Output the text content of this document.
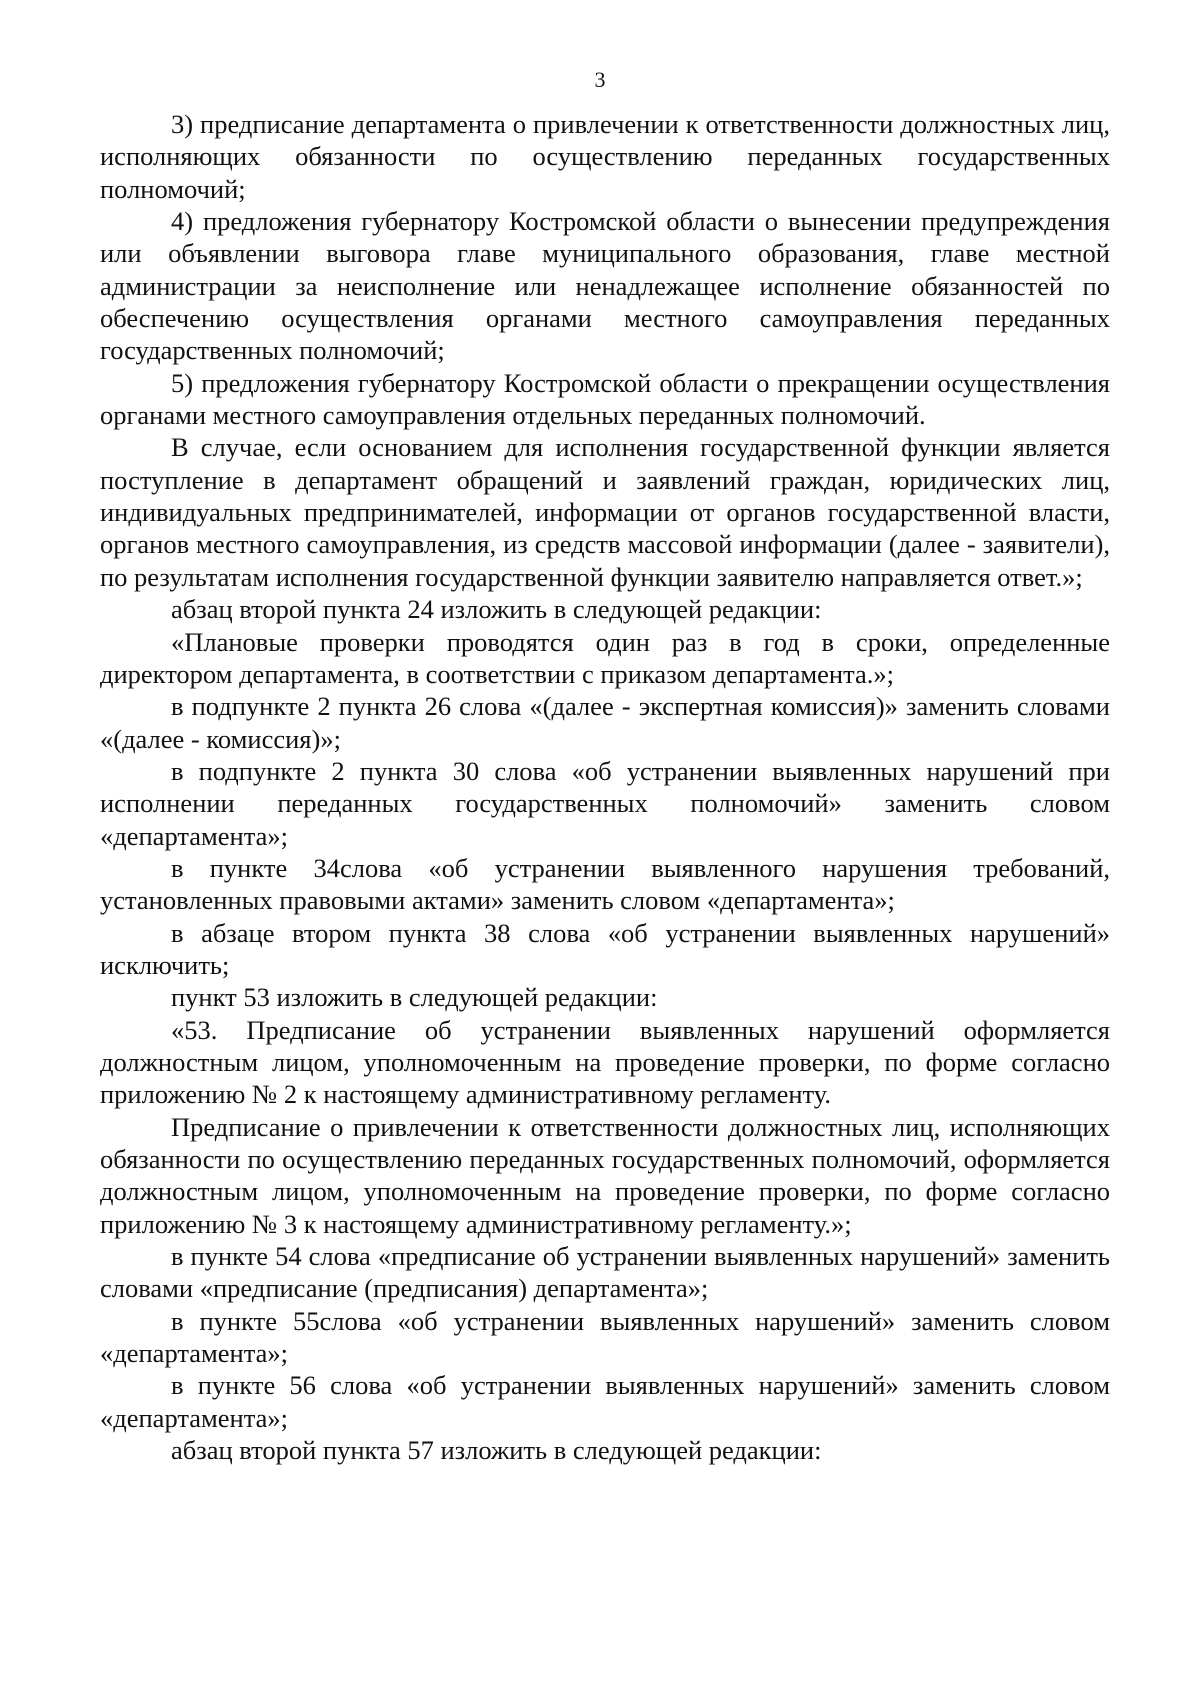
3

3) предписание департамента о привлечении к ответственности должностных лиц, исполняющих обязанности по осуществлению переданных государственных полномочий;

4) предложения губернатору Костромской области о вынесении предупреждения или объявлении выговора главе муниципального образования, главе местной администрации за неисполнение или ненадлежащее исполнение обязанностей по обеспечению осуществления органами местного самоуправления переданных государственных полномочий;

5) предложения губернатору Костромской области о прекращении осуществления органами местного самоуправления отдельных переданных полномочий.

В случае, если основанием для исполнения государственной функции является поступление в департамент обращений и заявлений граждан, юридических лиц, индивидуальных предпринимателей, информации от органов государственной власти, органов местного самоуправления, из средств массовой информации (далее - заявители), по результатам исполнения государственной функции заявителю направляется ответ.»;

абзац второй пункта 24 изложить в следующей редакции:

«Плановые проверки проводятся один раз в год в сроки, определенные директором департамента, в соответствии с приказом департамента.»;

в подпункте 2 пункта 26 слова «(далее - экспертная комиссия)» заменить словами «(далее - комиссия)»;

в подпункте 2 пункта 30 слова «об устранении выявленных нарушений при исполнении переданных государственных полномочий» заменить словом «департамента»;

в пункте 34слова «об устранении выявленного нарушения требований, установленных правовыми актами» заменить словом «департамента»;

в абзаце втором пункта 38 слова «об устранении выявленных нарушений» исключить;

пункт 53 изложить в следующей редакции:

«53. Предписание об устранении выявленных нарушений оформляется должностным лицом, уполномоченным на проведение проверки, по форме согласно приложению № 2 к настоящему административному регламенту.

Предписание о привлечении к ответственности должностных лиц, исполняющих обязанности по осуществлению переданных государственных полномочий, оформляется должностным лицом, уполномоченным на проведение проверки, по форме согласно приложению № 3 к настоящему административному регламенту.»;

в пункте 54 слова «предписание об устранении выявленных нарушений» заменить словами «предписание (предписания) департамента»;

в пункте 55слова «об устранении выявленных нарушений» заменить словом «департамента»;

в пункте 56 слова «об устранении выявленных нарушений» заменить словом «департамента»;

абзац второй пункта 57 изложить в следующей редакции:
